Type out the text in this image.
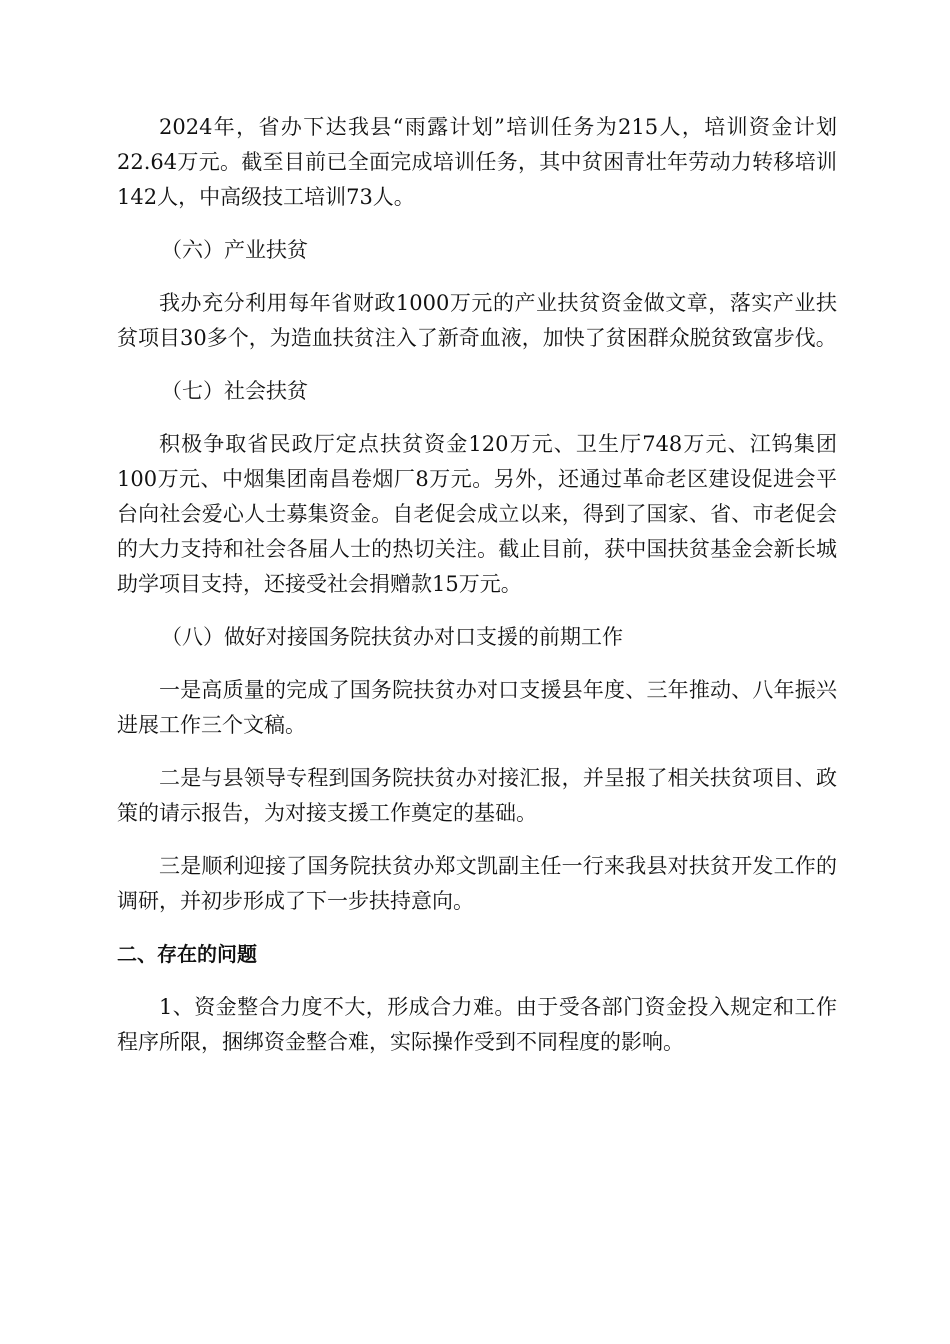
2024年，省办下达我县“雨露计划”培训任务为215人，培训资金计划22.64万元。截至目前已全面完成培训任务，其中贫困青壮年劳动力转移培训142人，中高级技工培训73人。

（六）产业扶贫

我办充分利用每年省财政1000万元的产业扶贫资金做文章，落实产业扶贫项目30多个，为造血扶贫注入了新奇血液，加快了贫困群众脱贫致富步伐。

（七）社会扶贫

积极争取省民政厅定点扶贫资金120万元、卫生厅748万元、江钨集团100万元、中烟集团南昌卷烟厂8万元。另外，还通过革命老区建设促进会平台向社会爱心人士募集资金。自老促会成立以来，得到了国家、省、市老促会的大力支持和社会各届人士的热切关注。截止目前，获中国扶贫基金会新长城助学项目支持，还接受社会捐赠款15万元。

（八）做好对接国务院扶贫办对口支援的前期工作

一是高质量的完成了国务院扶贫办对口支援县年度、三年推动、八年振兴进展工作三个文稿。

二是与县领导专程到国务院扶贫办对接汇报，并呈报了相关扶贫项目、政策的请示报告，为对接支援工作奠定的基础。

三是顺利迎接了国务院扶贫办郑文凯副主任一行来我县对扶贫开发工作的调研，并初步形成了下一步扶持意向。

二、存在的问题

1、资金整合力度不大，形成合力难。由于受各部门资金投入规定和工作程序所限，捆绑资金整合难，实际操作受到不同程度的影响。
